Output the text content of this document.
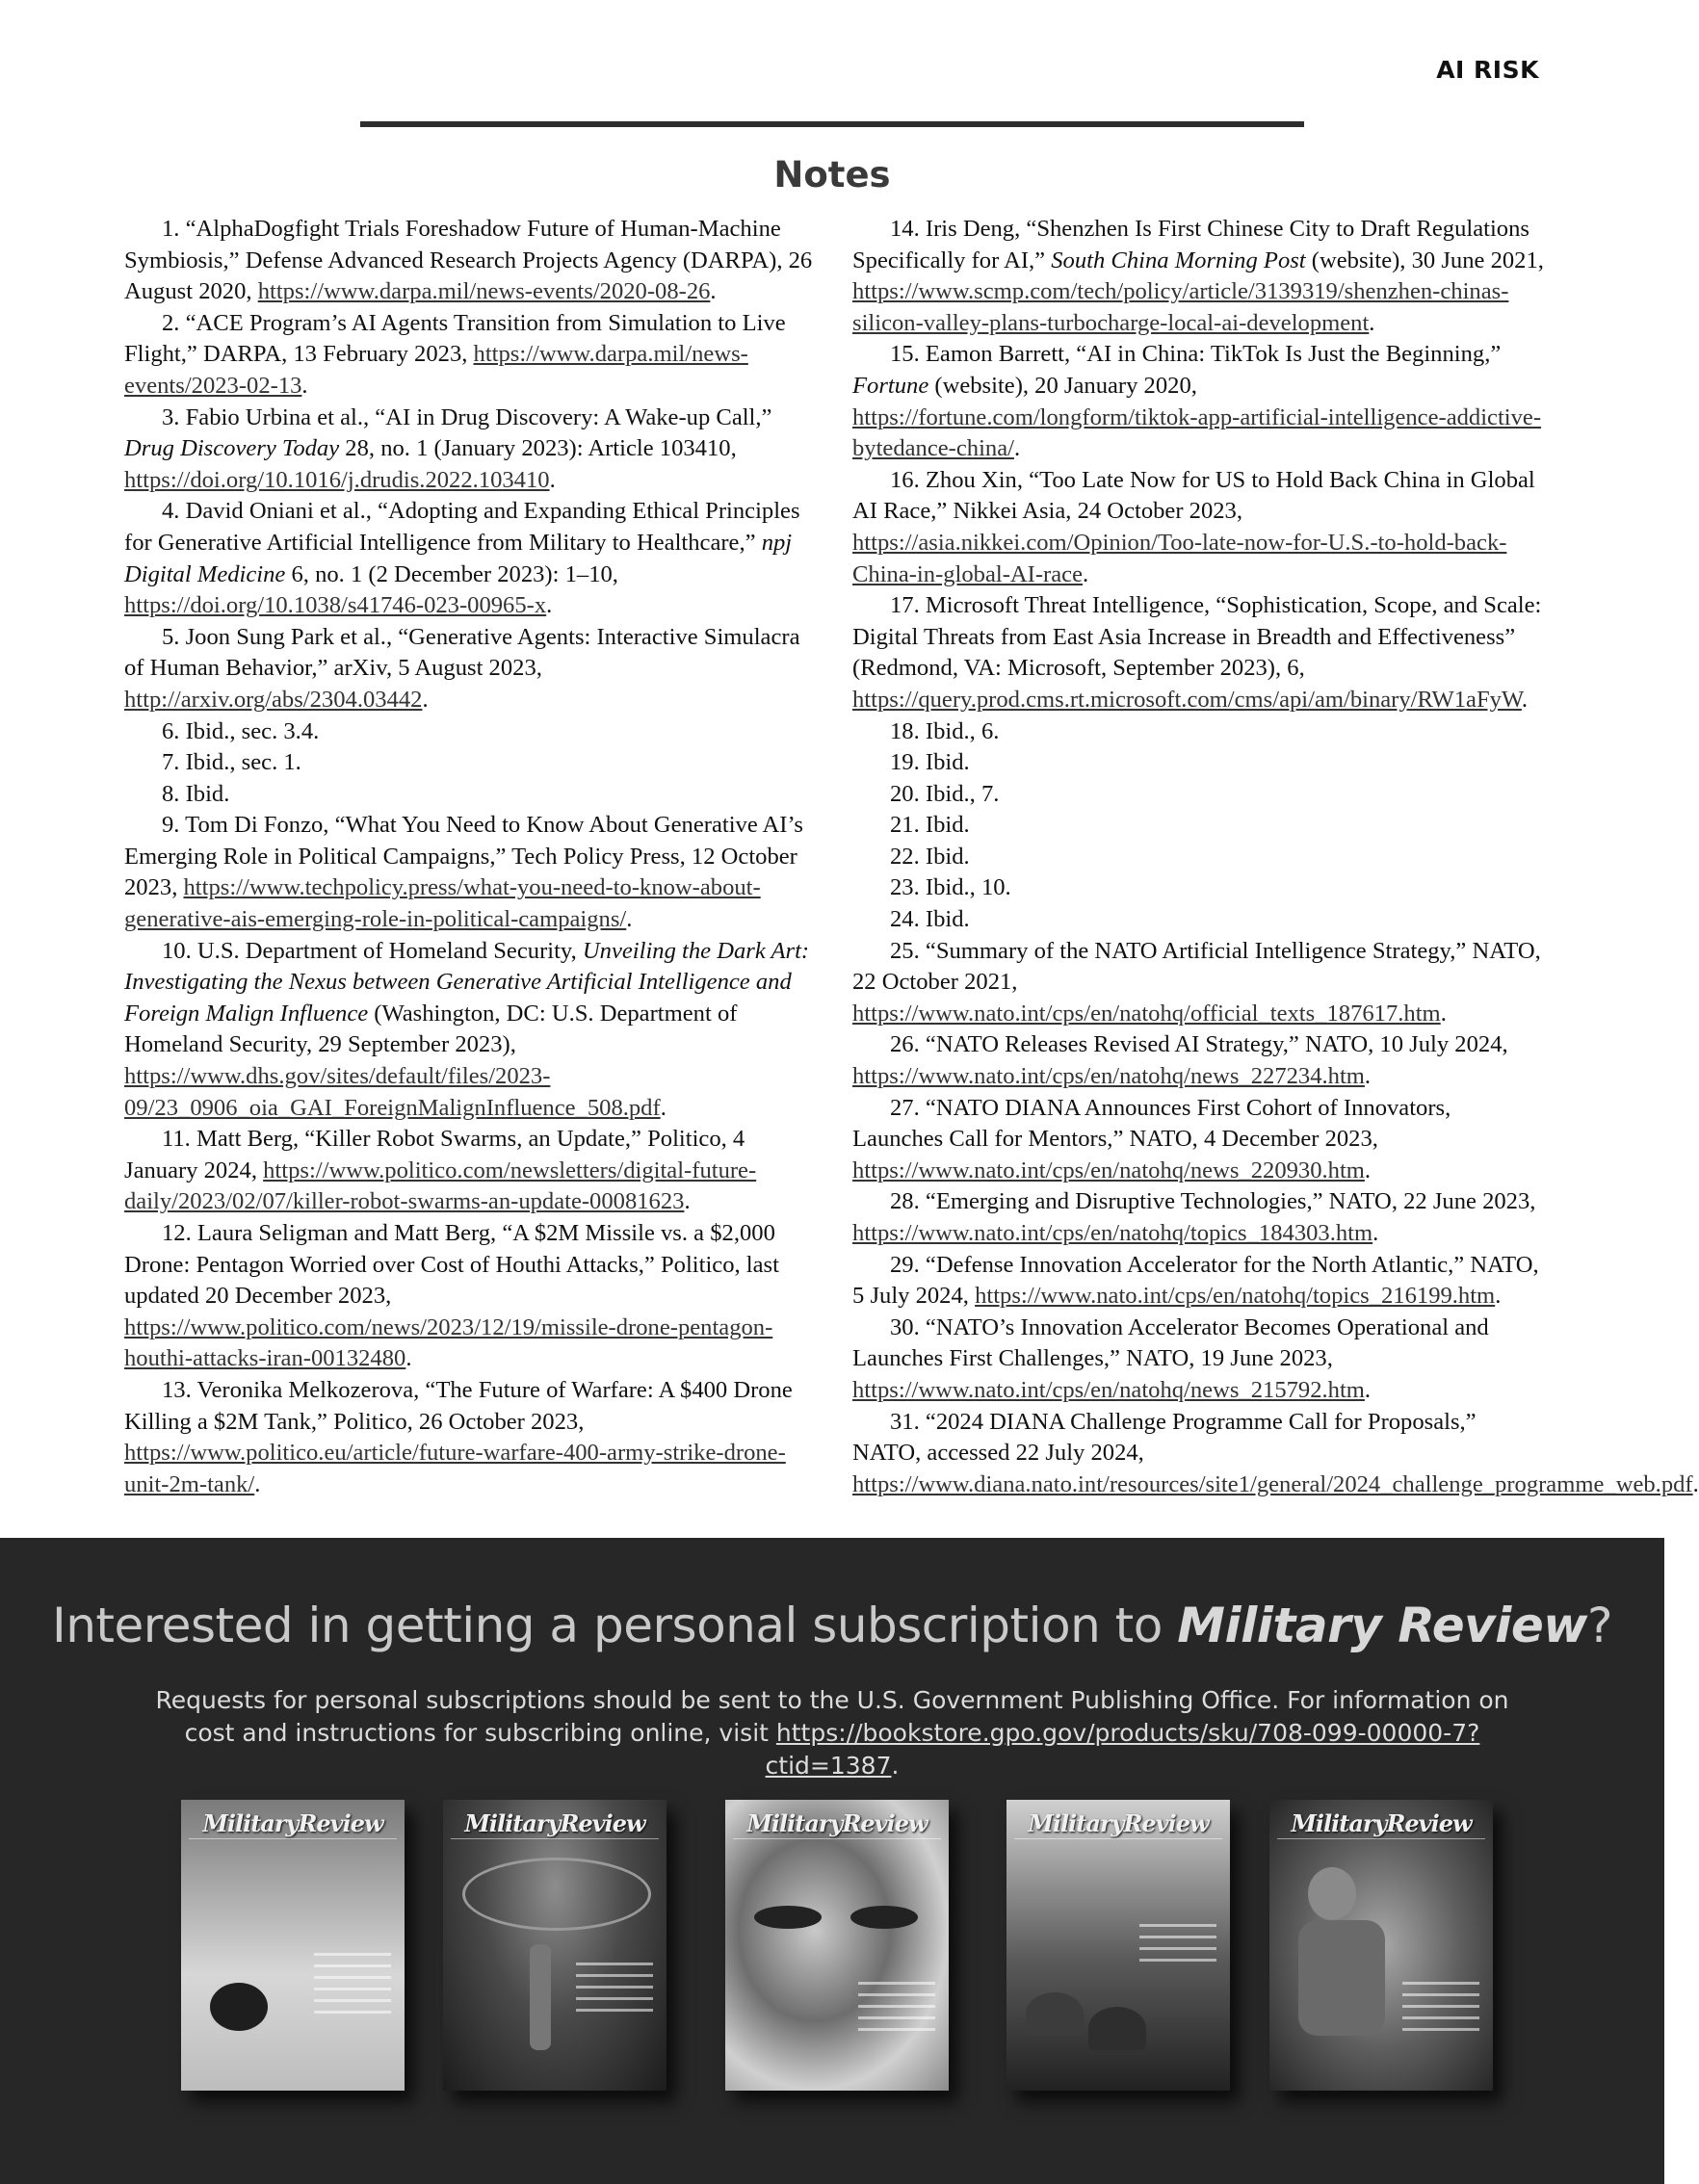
AI RISK
Notes

1. “AlphaDogfight Trials Foreshadow Future of Human-Machine Symbiosis,” Defense Advanced Research Projects Agency (DARPA), 26 August 2020, https://www.darpa.mil/news-events/2020-08-26.

2. “ACE Program’s AI Agents Transition from Simulation to Live Flight,” DARPA, 13 February 2023, https://www.darpa.mil/news-events/2023-02-13.

3. Fabio Urbina et al., “AI in Drug Discovery: A Wake-up Call,” Drug Discovery Today 28, no. 1 (January 2023): Article 103410, https://doi.org/10.1016/j.drudis.2022.103410.

4. David Oniani et al., “Adopting and Expanding Ethical Principles for Generative Artificial Intelligence from Military to Healthcare,” npj Digital Medicine 6, no. 1 (2 December 2023): 1–10, https://doi.org/10.1038/s41746-023-00965-x.

5. Joon Sung Park et al., “Generative Agents: Interactive Simulacra of Human Behavior,” arXiv, 5 August 2023, http://arxiv.org/abs/2304.03442.

6. Ibid., sec. 3.4.

7. Ibid., sec. 1.

8. Ibid.

9. Tom Di Fonzo, “What You Need to Know About Generative AI’s Emerging Role in Political Campaigns,” Tech Policy Press, 12 October 2023, https://www.techpolicy.press/what-you-need-to-know-about-generative-ais-emerging-role-in-political-campaigns/.

10. U.S. Department of Homeland Security, Unveiling the Dark Art: Investigating the Nexus between Generative Artificial Intelligence and Foreign Malign Influence (Washington, DC: U.S. Department of Homeland Security, 29 September 2023), https://www.dhs.gov/sites/default/files/2023-09/23_0906_oia_GAI_ForeignMalignInfluence_508.pdf.

11. Matt Berg, “Killer Robot Swarms, an Update,” Politico, 4 January 2024, https://www.politico.com/newsletters/digital-future-daily/2023/02/07/killer-robot-swarms-an-update-00081623.

12. Laura Seligman and Matt Berg, “A $2M Missile vs. a $2,000 Drone: Pentagon Worried over Cost of Houthi Attacks,” Politico, last updated 20 December 2023, https://www.politico.com/news/2023/12/19/missile-drone-pentagon-houthi-attacks-iran-00132480.

13. Veronika Melkozerova, “The Future of Warfare: A $400 Drone Killing a $2M Tank,” Politico, 26 October 2023, https://www.politico.eu/article/future-warfare-400-army-strike-drone-unit-2m-tank/.

14. Iris Deng, “Shenzhen Is First Chinese City to Draft Regulations Specifically for AI,” South China Morning Post (website), 30 June 2021, https://www.scmp.com/tech/policy/article/3139319/shenzhen-chinas-silicon-valley-plans-turbocharge-local-ai-development.

15. Eamon Barrett, “AI in China: TikTok Is Just the Beginning,” Fortune (website), 20 January 2020, https://fortune.com/longform/tiktok-app-artificial-intelligence-addictive-bytedance-china/.

16. Zhou Xin, “Too Late Now for US to Hold Back China in Global AI Race,” Nikkei Asia, 24 October 2023, https://asia.nikkei.com/Opinion/Too-late-now-for-U.S.-to-hold-back-China-in-global-AI-race.

17. Microsoft Threat Intelligence, “Sophistication, Scope, and Scale: Digital Threats from East Asia Increase in Breadth and Effectiveness” (Redmond, VA: Microsoft, September 2023), 6, https://query.prod.cms.rt.microsoft.com/cms/api/am/binary/RW1aFyW.

18. Ibid., 6.

19. Ibid.

20. Ibid., 7.

21. Ibid.

22. Ibid.

23. Ibid., 10.

24. Ibid.

25. “Summary of the NATO Artificial Intelligence Strategy,” NATO, 22 October 2021, https://www.nato.int/cps/en/natohq/official_texts_187617.htm.

26. “NATO Releases Revised AI Strategy,” NATO, 10 July 2024, https://www.nato.int/cps/en/natohq/news_227234.htm.

27. “NATO DIANA Announces First Cohort of Innovators, Launches Call for Mentors,” NATO, 4 December 2023, https://www.nato.int/cps/en/natohq/news_220930.htm.

28. “Emerging and Disruptive Technologies,” NATO, 22 June 2023, https://www.nato.int/cps/en/natohq/topics_184303.htm.

29. “Defense Innovation Accelerator for the North Atlantic,” NATO, 5 July 2024, https://www.nato.int/cps/en/natohq/topics_216199.htm.

30. “NATO’s Innovation Accelerator Becomes Operational and Launches First Challenges,” NATO, 19 June 2023, https://www.nato.int/cps/en/natohq/news_215792.htm.

31. “2024 DIANA Challenge Programme Call for Proposals,” NATO, accessed 22 July 2024, https://www.diana.nato.int/resources/site1/general/2024_challenge_programme_web.pdf.

Interested in getting a personal subscription to Military Review?
Requests for personal subscriptions should be sent to the U.S. Government Publishing Office. For information on cost and instructions for subscribing online, visit https://bookstore.gpo.gov/products/sku/708-099-00000-7?ctid=1387.
MilitaryReview	MilitaryReview	MilitaryReview	MilitaryReview	MilitaryReview
